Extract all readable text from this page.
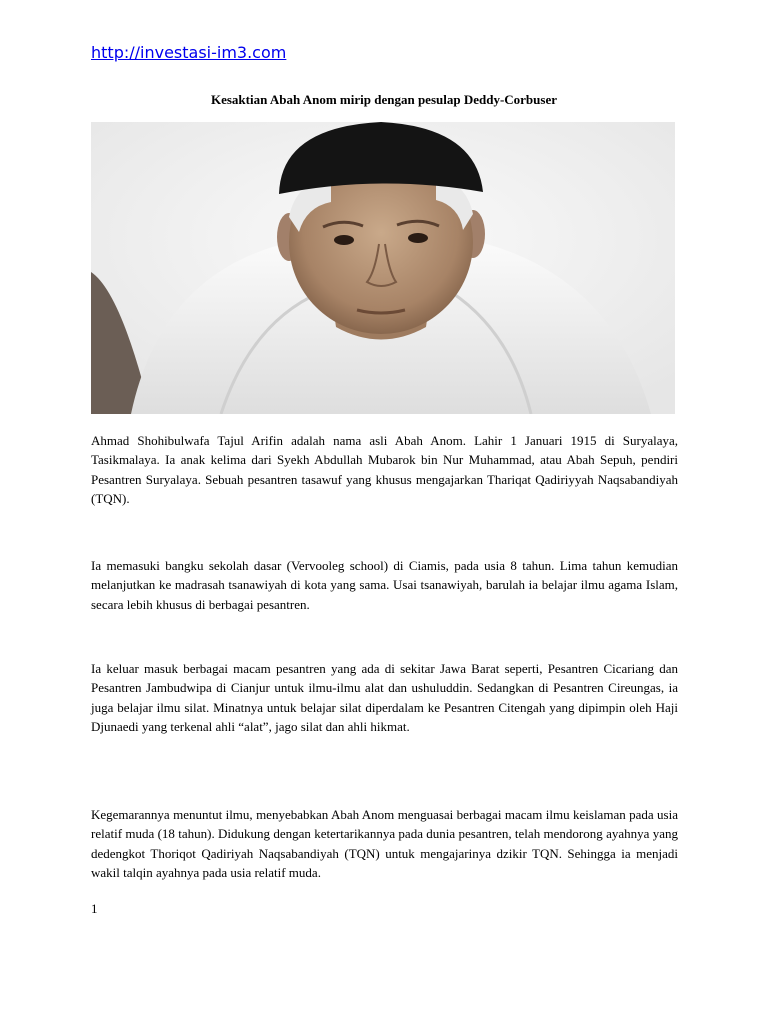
http://investasi-im3.com
Kesaktian Abah Anom mirip dengan pesulap Deddy-Corbuser

Ahmad Shohibulwafa Tajul Arifin adalah nama asli Abah Anom. Lahir 1 Januari 1915 di Suryalaya, Tasikmalaya. Ia anak kelima dari Syekh Abdullah Mubarok bin Nur Muhammad, atau Abah Sepuh, pendiri Pesantren Suryalaya. Sebuah pesantren tasawuf yang khusus mengajarkan Thariqat Qadiriyyah Naqsabandiyah (TQN).

Ia memasuki bangku sekolah dasar (Vervooleg school) di Ciamis, pada usia 8 tahun. Lima tahun kemudian melanjutkan ke madrasah tsanawiyah di kota yang sama. Usai tsanawiyah, barulah ia belajar ilmu agama Islam, secara lebih khusus di berbagai pesantren.

Ia keluar masuk berbagai macam pesantren yang ada di sekitar Jawa Barat seperti, Pesantren Cicariang dan Pesantren Jambudwipa di Cianjur untuk ilmu-ilmu alat dan ushuluddin. Sedangkan di Pesantren Cireungas, ia juga belajar ilmu silat. Minatnya untuk belajar silat diperdalam ke Pesantren Citengah yang dipimpin oleh Haji Djunaedi yang terkenal ahli “alat”, jago silat dan ahli hikmat.

Kegemarannya menuntut ilmu, menyebabkan Abah Anom menguasai berbagai macam ilmu keislaman pada usia relatif muda (18 tahun). Didukung dengan ketertarikannya pada dunia pesantren, telah mendorong ayahnya yang dedengkot Thoriqot Qadiriyah Naqsabandiyah (TQN) untuk mengajarinya dzikir TQN. Sehingga ia menjadi wakil talqin ayahnya pada usia relatif muda.

1
